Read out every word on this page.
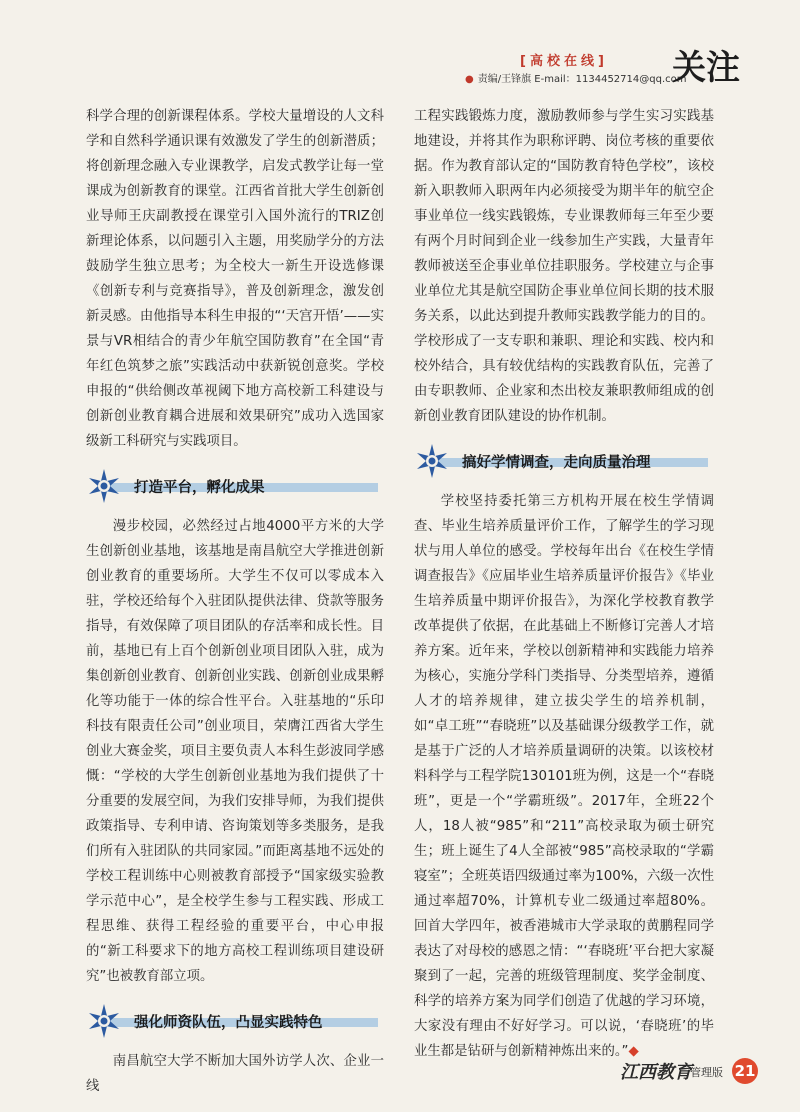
[高校在线]
● 责编/王锋旗 E-mail：1134452714@qq.com
关注

科学合理的创新课程体系。学校大量增设的人文科学和自然科学通识课有效激发了学生的创新潜质；将创新理念融入专业课教学，启发式教学让每一堂课成为创新教育的课堂。江西省首批大学生创新创业导师王庆副教授在课堂引入国外流行的TRIZ创新理论体系，以问题引入主题，用奖励学分的方法鼓励学生独立思考；为全校大一新生开设选修课《创新专利与竞赛指导》，普及创新理念，激发创新灵感。由他指导本科生申报的“‘天宫开悟’——实景与VR相结合的青少年航空国防教育”在全国“青年红色筑梦之旅”实践活动中获新锐创意奖。学校申报的“供给侧改革视阈下地方高校新工科建设与创新创业教育耦合进展和效果研究”成功入选国家级新工科研究与实践项目。

打造平台，孵化成果

漫步校园，必然经过占地4000平方米的大学生创新创业基地，该基地是南昌航空大学推进创新创业教育的重要场所。大学生不仅可以零成本入驻，学校还给每个入驻团队提供法律、贷款等服务指导，有效保障了项目团队的存活率和成长性。目前，基地已有上百个创新创业项目团队入驻，成为集创新创业教育、创新创业实践、创新创业成果孵化等功能于一体的综合性平台。入驻基地的“乐印科技有限责任公司”创业项目，荣膺江西省大学生创业大赛金奖，项目主要负责人本科生彭波同学感慨：“学校的大学生创新创业基地为我们提供了十分重要的发展空间，为我们安排导师，为我们提供政策指导、专利申请、咨询策划等多类服务，是我们所有入驻团队的共同家园。”而距离基地不远处的学校工程训练中心则被教育部授予“国家级实验教学示范中心”，是全校学生参与工程实践、形成工程思维、获得工程经验的重要平台，中心申报的“新工科要求下的地方高校工程训练项目建设研究”也被教育部立项。

强化师资队伍，凸显实践特色

南昌航空大学不断加大国外访学人次、企业一线

工程实践锻炼力度，激励教师参与学生实习实践基地建设，并将其作为职称评聘、岗位考核的重要依据。作为教育部认定的“国防教育特色学校”，该校新入职教师入职两年内必须接受为期半年的航空企事业单位一线实践锻炼，专业课教师每三年至少要有两个月时间到企业一线参加生产实践，大量青年教师被送至企事业单位挂职服务。学校建立与企事业单位尤其是航空国防企事业单位间长期的技术服务关系，以此达到提升教师实践教学能力的目的。学校形成了一支专职和兼职、理论和实践、校内和校外结合，具有较优结构的实践教育队伍，完善了由专职教师、企业家和杰出校友兼职教师组成的创新创业教育团队建设的协作机制。

搞好学情调查，走向质量治理

学校坚持委托第三方机构开展在校生学情调查、毕业生培养质量评价工作，了解学生的学习现状与用人单位的感受。学校每年出台《在校生学情调查报告》《应届毕业生培养质量评价报告》《毕业生培养质量中期评价报告》，为深化学校教育教学改革提供了依据，在此基础上不断修订完善人才培养方案。近年来，学校以创新精神和实践能力培养为核心，实施分学科门类指导、分类型培养，遵循人才的培养规律，建立拔尖学生的培养机制，如“卓工班”“春晓班”以及基础课分级教学工作，就是基于广泛的人才培养质量调研的决策。以该校材料科学与工程学院130101班为例，这是一个“春晓班”，更是一个“学霸班级”。2017年，全班22个人，18人被“985”和“211”高校录取为硕士研究生；班上诞生了4人全部被“985”高校录取的“学霸寝室”；全班英语四级通过率为100%，六级一次性通过率超70%，计算机专业二级通过率超80%。回首大学四年，被香港城市大学录取的黄鹏程同学表达了对母校的感恩之情：“‘春晓班’平台把大家凝聚到了一起，完善的班级管理制度、奖学金制度、科学的培养方案为同学们创造了优越的学习环境，大家没有理由不好好学习。可以说，‘春晓班’的毕业生都是钻研与创新精神炼出来的。”◆

江西教育
管理版 21
